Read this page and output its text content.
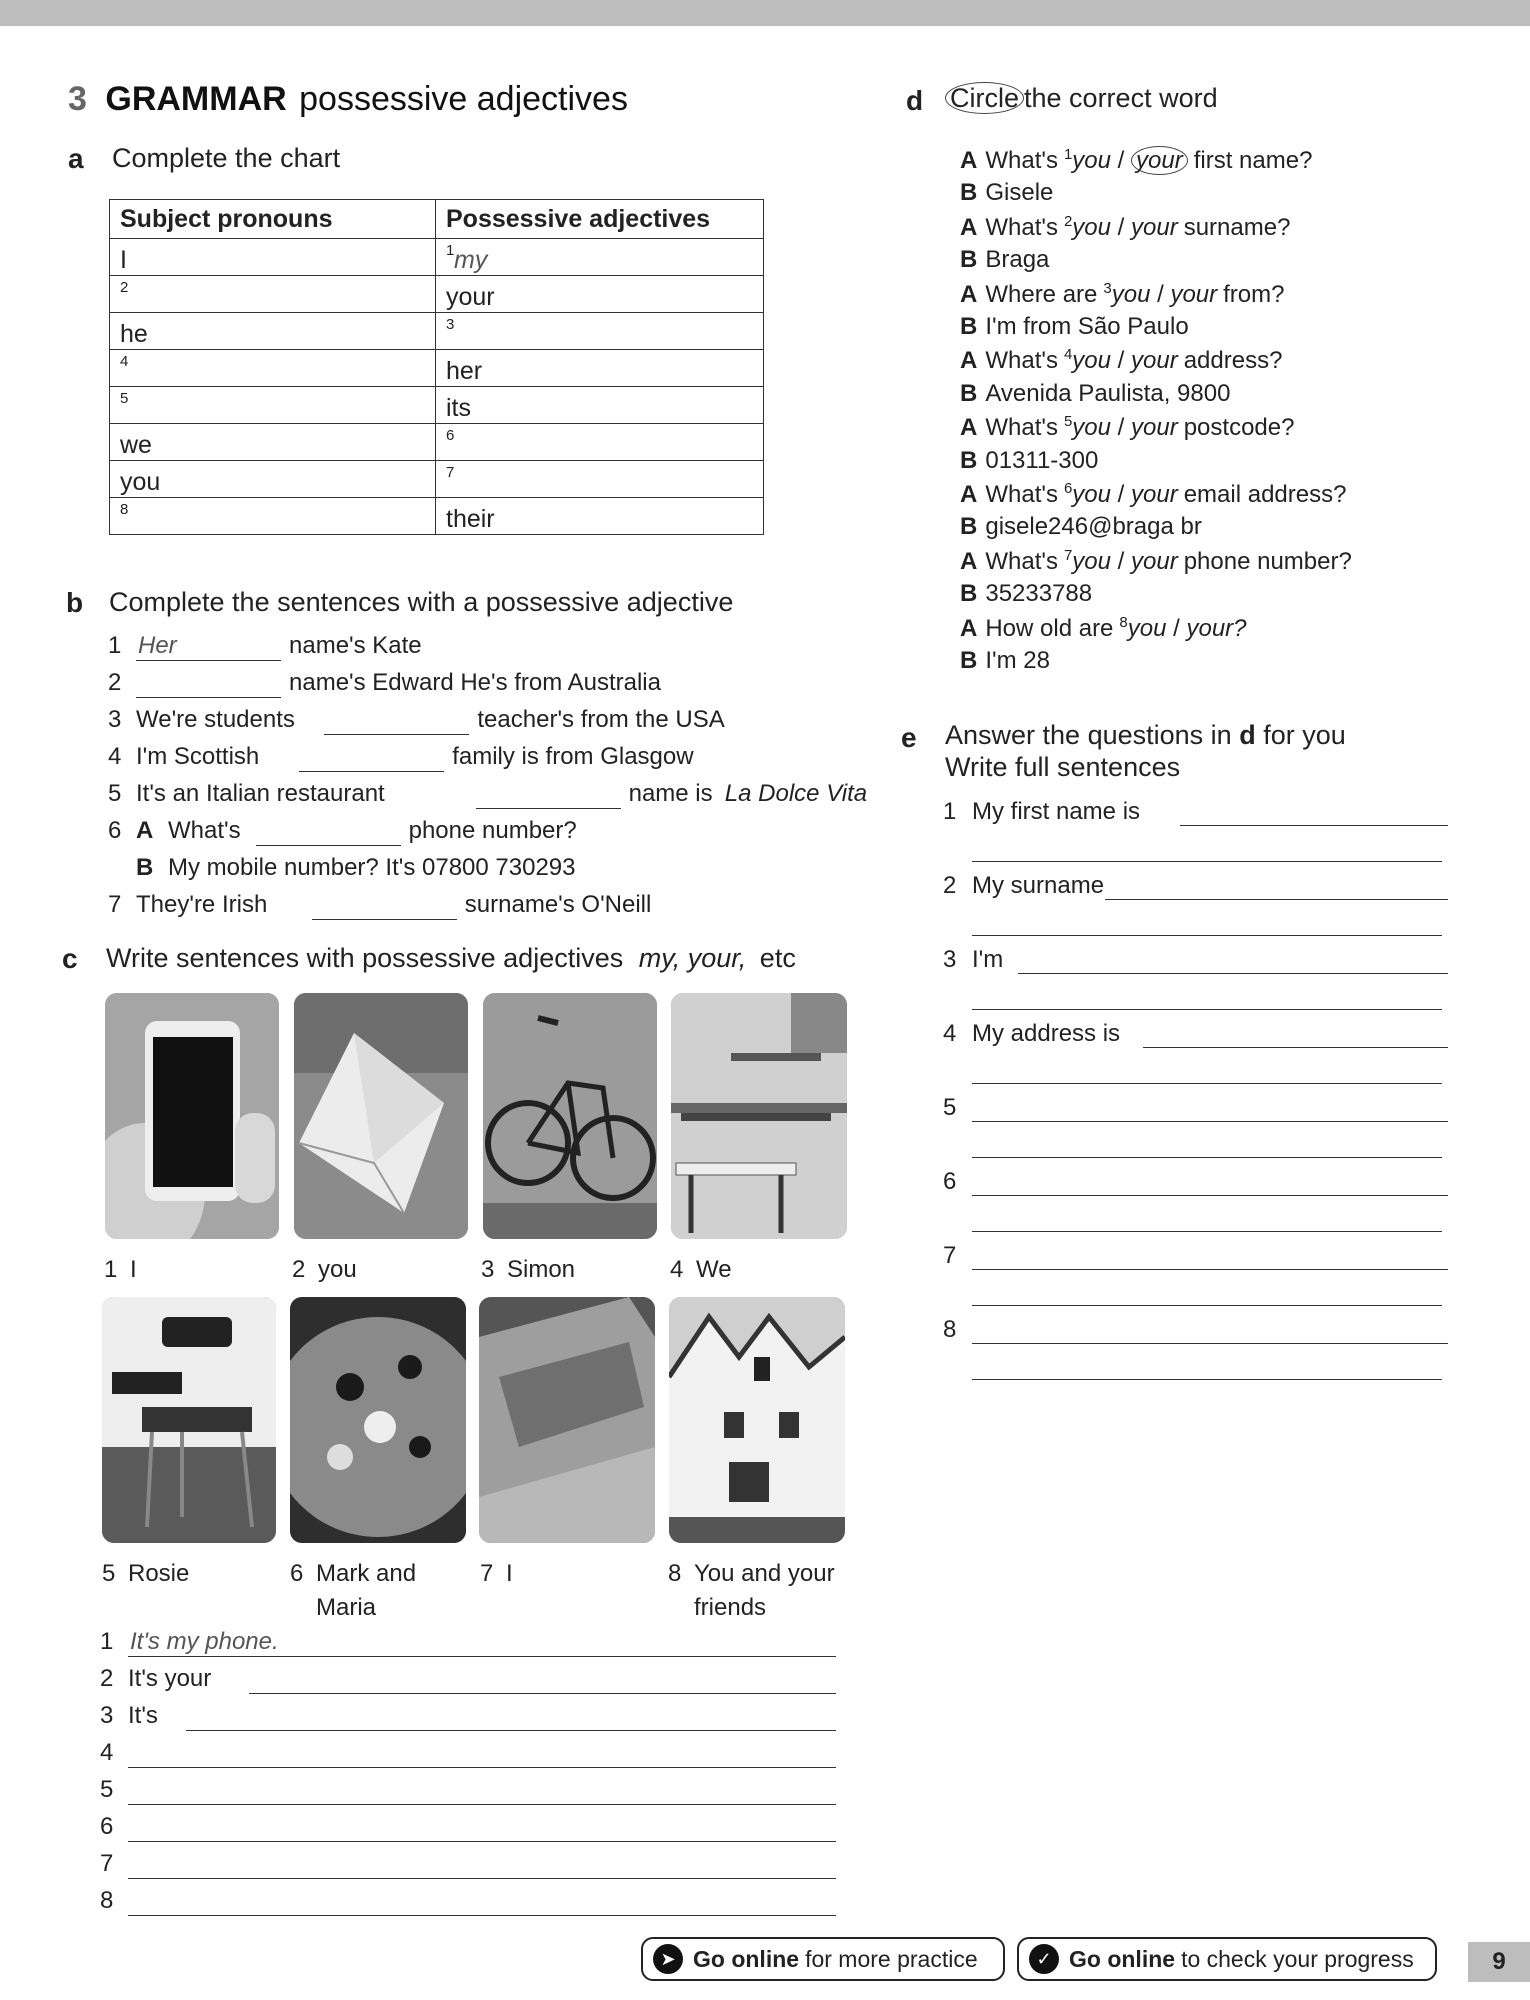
3 GRAMMAR possessive adjectives
a Complete the chart
Subject pronouns	Possessive adjectives

I	1 my

2	your

he	3

4	her

5	its

we	6

you	7

8	their
b Complete the sentences with a possessive adjective
1 Her	name's Kate
2	name's Edward He's from Australia
3 We're students	teacher's from the USA
4 I'm Scottish	family is from Glasgow
5 It's an Italian restaurant	name is La Dolce Vita
6 A What's	phone number?
B My mobile number? It's 07800 730293
7 They're Irish	surname's O'Neill
c Write sentences with possessive adjectives my, your, etc
1 I	2 you	3 Simon	4 We
5 Rosie	6 Mark and
Maria
7 I	8 You and your
friends
1 It's my phone.
2 It's your
3 It's
4
5
6
7
8
d Circle the correct word
A What's $^1$you / your first name?
B Gisele
A What's $^2$you / your surname?
B Braga
A Where are $^3$you / your from?
B I'm from São Paulo
A What's $^4$you / your address?
B Avenida Paulista, 9800
A What's $^5$you / your postcode?
B 01311-300
A What's $^6$you / your email address?
B gisele246@braga br
A What's $^7$you / your phone number?
B 35233788
A How old are $^8$you / your?
B I'm 28
e Answer the questions in d for you
Write full sentences
1 My first name is
2 My surname
3 I'm
4 My address is
5
6
7
8
➤ Go online for more practice	✓ Go online to check your progress	9
